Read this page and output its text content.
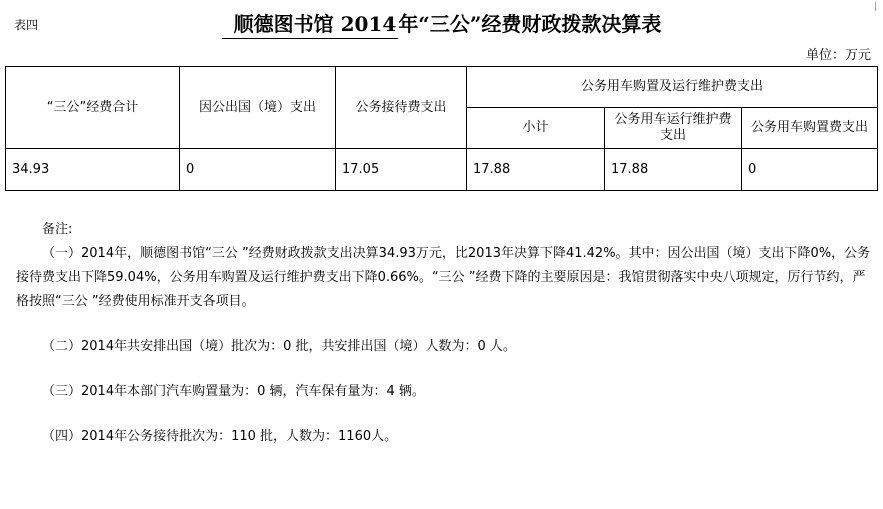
表四	顺德图书馆 2014年“三公”经费财政拨款决算表
|
单位：万元
“三公”经费合计	因公出国（境）支出	公务接待费支出	公务用车购置及运行维护费支出		
			小计	公务用车运行维护费支出	公务用车购置费支出
34.93	0	17.05	17.88	17.88	0

备注:

（一）2014年，顺德图书馆“三公 ”经费财政拨款支出决算34.93万元，比2013年决算下降41.42%。其中：因公出国（境）支出下降0%，公务接待费支出下降59.04%，公务用车购置及运行维护费支出下降0.66%。“三公 ”经费下降的主要原因是：我馆贯彻落实中央八项规定，厉行节约，严格按照“三公 ”经费使用标准开支各项目。

（二）2014年共安排出国（境）批次为：0 批，共安排出国（境）人数为：0 人。

（三）2014年本部门汽车购置量为：0 辆，汽车保有量为：4 辆。

（四）2014年公务接待批次为：110 批，人数为：1160人。
